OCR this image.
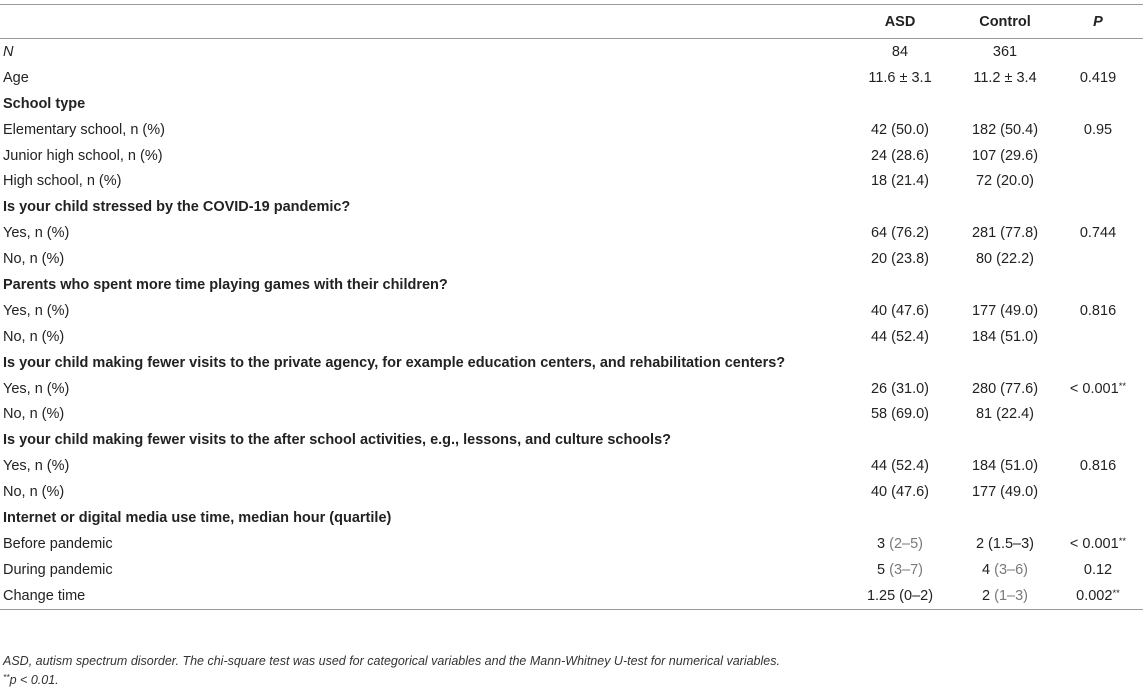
	ASD	Control	P
N	84	361	
Age	11.6 ± 3.1	11.2 ± 3.4	0.419
School type			
Elementary school, n (%)	42 (50.0)	182 (50.4)	0.95
Junior high school, n (%)	24 (28.6)	107 (29.6)	
High school, n (%)	18 (21.4)	72 (20.0)	
Is your child stressed by the COVID-19 pandemic?			
Yes, n (%)	64 (76.2)	281 (77.8)	0.744
No, n (%)	20 (23.8)	80 (22.2)	
Parents who spent more time playing games with their children?			
Yes, n (%)	40 (47.6)	177 (49.0)	0.816
No, n (%)	44 (52.4)	184 (51.0)	
Is your child making fewer visits to the private agency, for example education centers, and rehabilitation centers?			
Yes, n (%)	26 (31.0)	280 (77.6)	< 0.001**
No, n (%)	58 (69.0)	81 (22.4)	
Is your child making fewer visits to the after school activities, e.g., lessons, and culture schools?			
Yes, n (%)	44 (52.4)	184 (51.0)	0.816
No, n (%)	40 (47.6)	177 (49.0)	
Internet or digital media use time, median hour (quartile)			
Before pandemic	3 (2–5)	2 (1.5–3)	< 0.001**
During pandemic	5 (3–7)	4 (3–6)	0.12
Change time	1.25 (0–2)	2 (1–3)	0.002**
ASD, autism spectrum disorder. The chi-square test was used for categorical variables and the Mann-Whitney U-test for numerical variables.
**p < 0.01.
